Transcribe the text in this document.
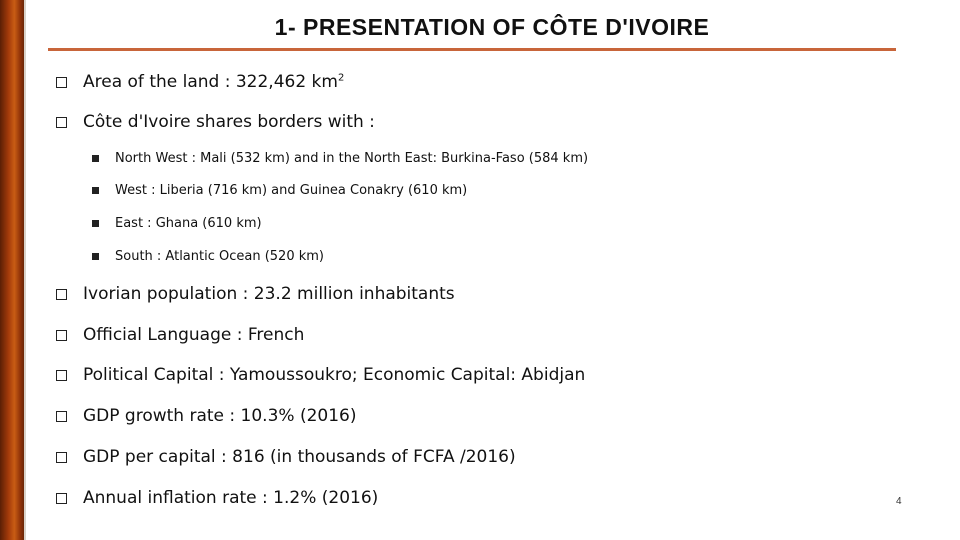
1- PRESENTATION OF CÔTE D'IVOIRE
Area of the land : 322,462 $km^2$
Côte d'Ivoire shares borders with :
North West : Mali (532 km) and in the North East: Burkina-Faso (584 km)
West : Liberia (716 km) and Guinea Conakry (610 km)
East : Ghana (610 km)
South : Atlantic Ocean (520 km)
Ivorian population : 23.2 million inhabitants
Official Language : French
Political Capital : Yamoussoukro; Economic Capital: Abidjan
GDP growth rate : 10.3% (2016)
GDP per capital : 816 (in thousands of FCFA /2016)
Annual inflation rate : 1.2% (2016)	4
